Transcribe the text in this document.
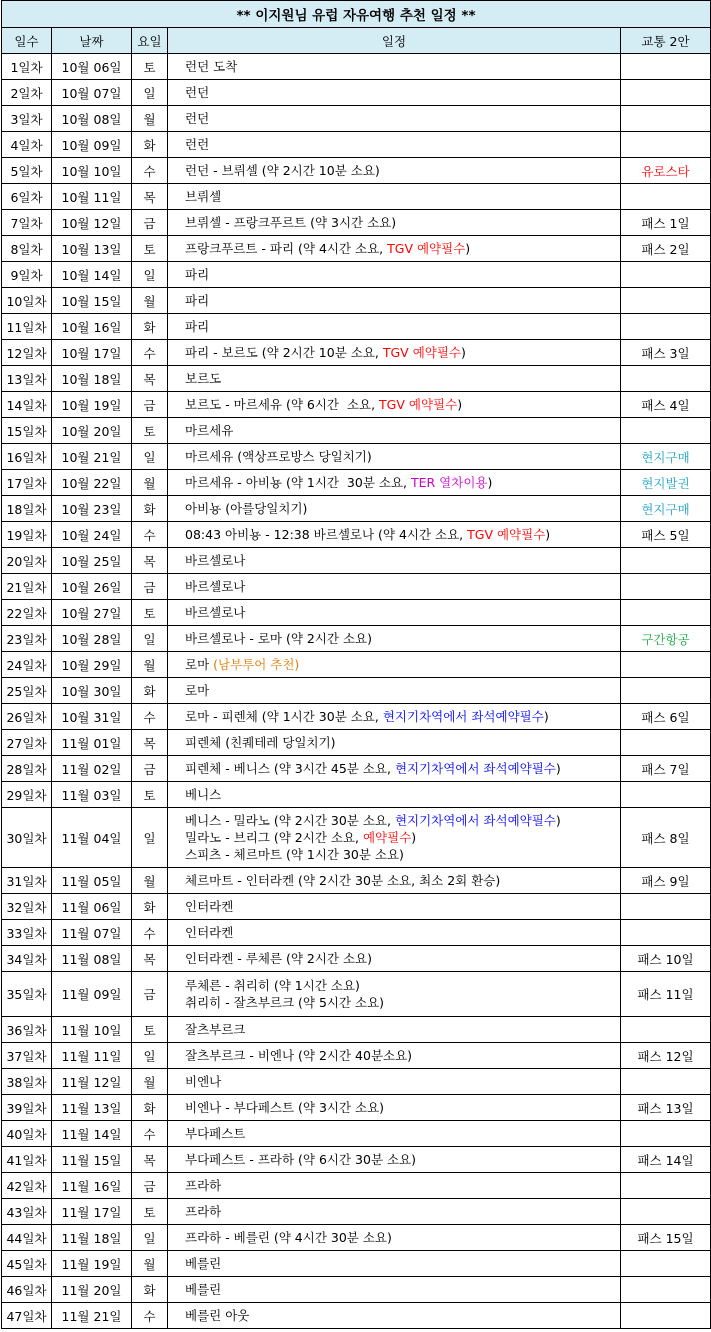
** 이지원님 유럽 자유여행 추천 일정 **				
일수	날짜	요일	일정	교통 2안
1일차	10월 06일	토	런던 도착	

2일차	10월 07일	일	런던	

3일차	10월 08일	월	런던	

4일차	10월 09일	화	런런	

5일차	10월 10일	수	런던 - 브뤼셀 (약 2시간 10분 소요)	유로스타
6일차	10월 11일	목	브뤼셀	

7일차	10월 12일	금	브뤼셀 - 프랑크푸르트 (약 3시간 소요)	패스 1일
8일차	10월 13일	토	프랑크푸르트 - 파리 (약 4시간 소요, TGV 예약필수)	패스 2일
9일차	10월 14일	일	파리	

10일차	10월 15일	월	파리	

11일차	10월 16일	화	파리	

12일차	10월 17일	수	파리 - 보르도 (약 2시간 10분 소요, TGV 예약필수)	패스 3일
13일차	10월 18일	목	보르도	

14일차	10월 19일	금	보르도 - 마르세유 (약 6시간  소요, TGV 예약필수)	패스 4일
15일차	10월 20일	토	마르세유	

16일차	10월 21일	일	마르세유 (액상프로방스 당일치기)	현지구매
17일차	10월 22일	월	마르세유 - 아비뇽 (약 1시간  30분 소요, TER 열차이용)	현지발권
18일차	10월 23일	화	아비뇽 (아를당일치기)	현지구매
19일차	10월 24일	수	08:43 아비뇽 - 12:38 바르셀로나 (약 4시간 소요, TGV 예약필수)	패스 5일
20일차	10월 25일	목	바르셀로나	

21일차	10월 26일	금	바르셀로나	

22일차	10월 27일	토	바르셀로나	

23일차	10월 28일	일	바르셀로나 - 로마 (약 2시간 소요)	구간항공
24일차	10월 29일	월	로마 (남부투어 추천)	

25일차	10월 30일	화	로마	

26일차	10월 31일	수	로마 - 피렌체 (약 1시간 30분 소요, 현지기차역에서 좌석예약필수)	패스 6일
27일차	11월 01일	목	피렌체 (친퀘테레 당일치기)	

28일차	11월 02일	금	피렌체 - 베니스 (약 3시간 45분 소요, 현지기차역에서 좌석예약필수)	패스 7일
29일차	11월 03일	토	베니스	

30일차	11월 04일	일	베니스 - 밀라노 (약 2시간 30분 소요, 현지기차역에서 좌석예약필수)
밀라노 - 브리그 (약 2시간 소요, 예약필수)
스피츠 - 체르마트 (약 1시간 30분 소요)	패스 8일
31일차	11월 05일	월	체르마트 - 인터라켄 (약 2시간 30분 소요, 최소 2회 환승)	패스 9일
32일차	11월 06일	화	인터라켄	

33일차	11월 07일	수	인터라켄	

34일차	11월 08일	목	인터라켄 - 루체른 (약 2시간 소요)	패스 10일
35일차	11월 09일	금	루체른 - 취리히 (약 1시간 소요)
취리히 - 잘츠부르크 (약 5시간 소요)	패스 11일
36일차	11월 10일	토	잘츠부르크	

37일차	11월 11일	일	잘츠부르크 - 비엔나 (약 2시간 40분소요)	패스 12일
38일차	11월 12일	월	비엔나	

39일차	11월 13일	화	비엔나 - 부다페스트 (약 3시간 소요)	패스 13일
40일차	11월 14일	수	부다페스트	

41일차	11월 15일	목	부다페스트 - 프라하 (약 6시간 30분 소요)	패스 14일
42일차	11월 16일	금	프라하	

43일차	11월 17일	토	프라하	

44일차	11월 18일	일	프라하 - 베를린 (약 4시간 30분 소요)	패스 15일
45일차	11월 19일	월	베를린	

46일차	11월 20일	화	베를린	

47일차	11월 21일	수	베를린 아웃	
